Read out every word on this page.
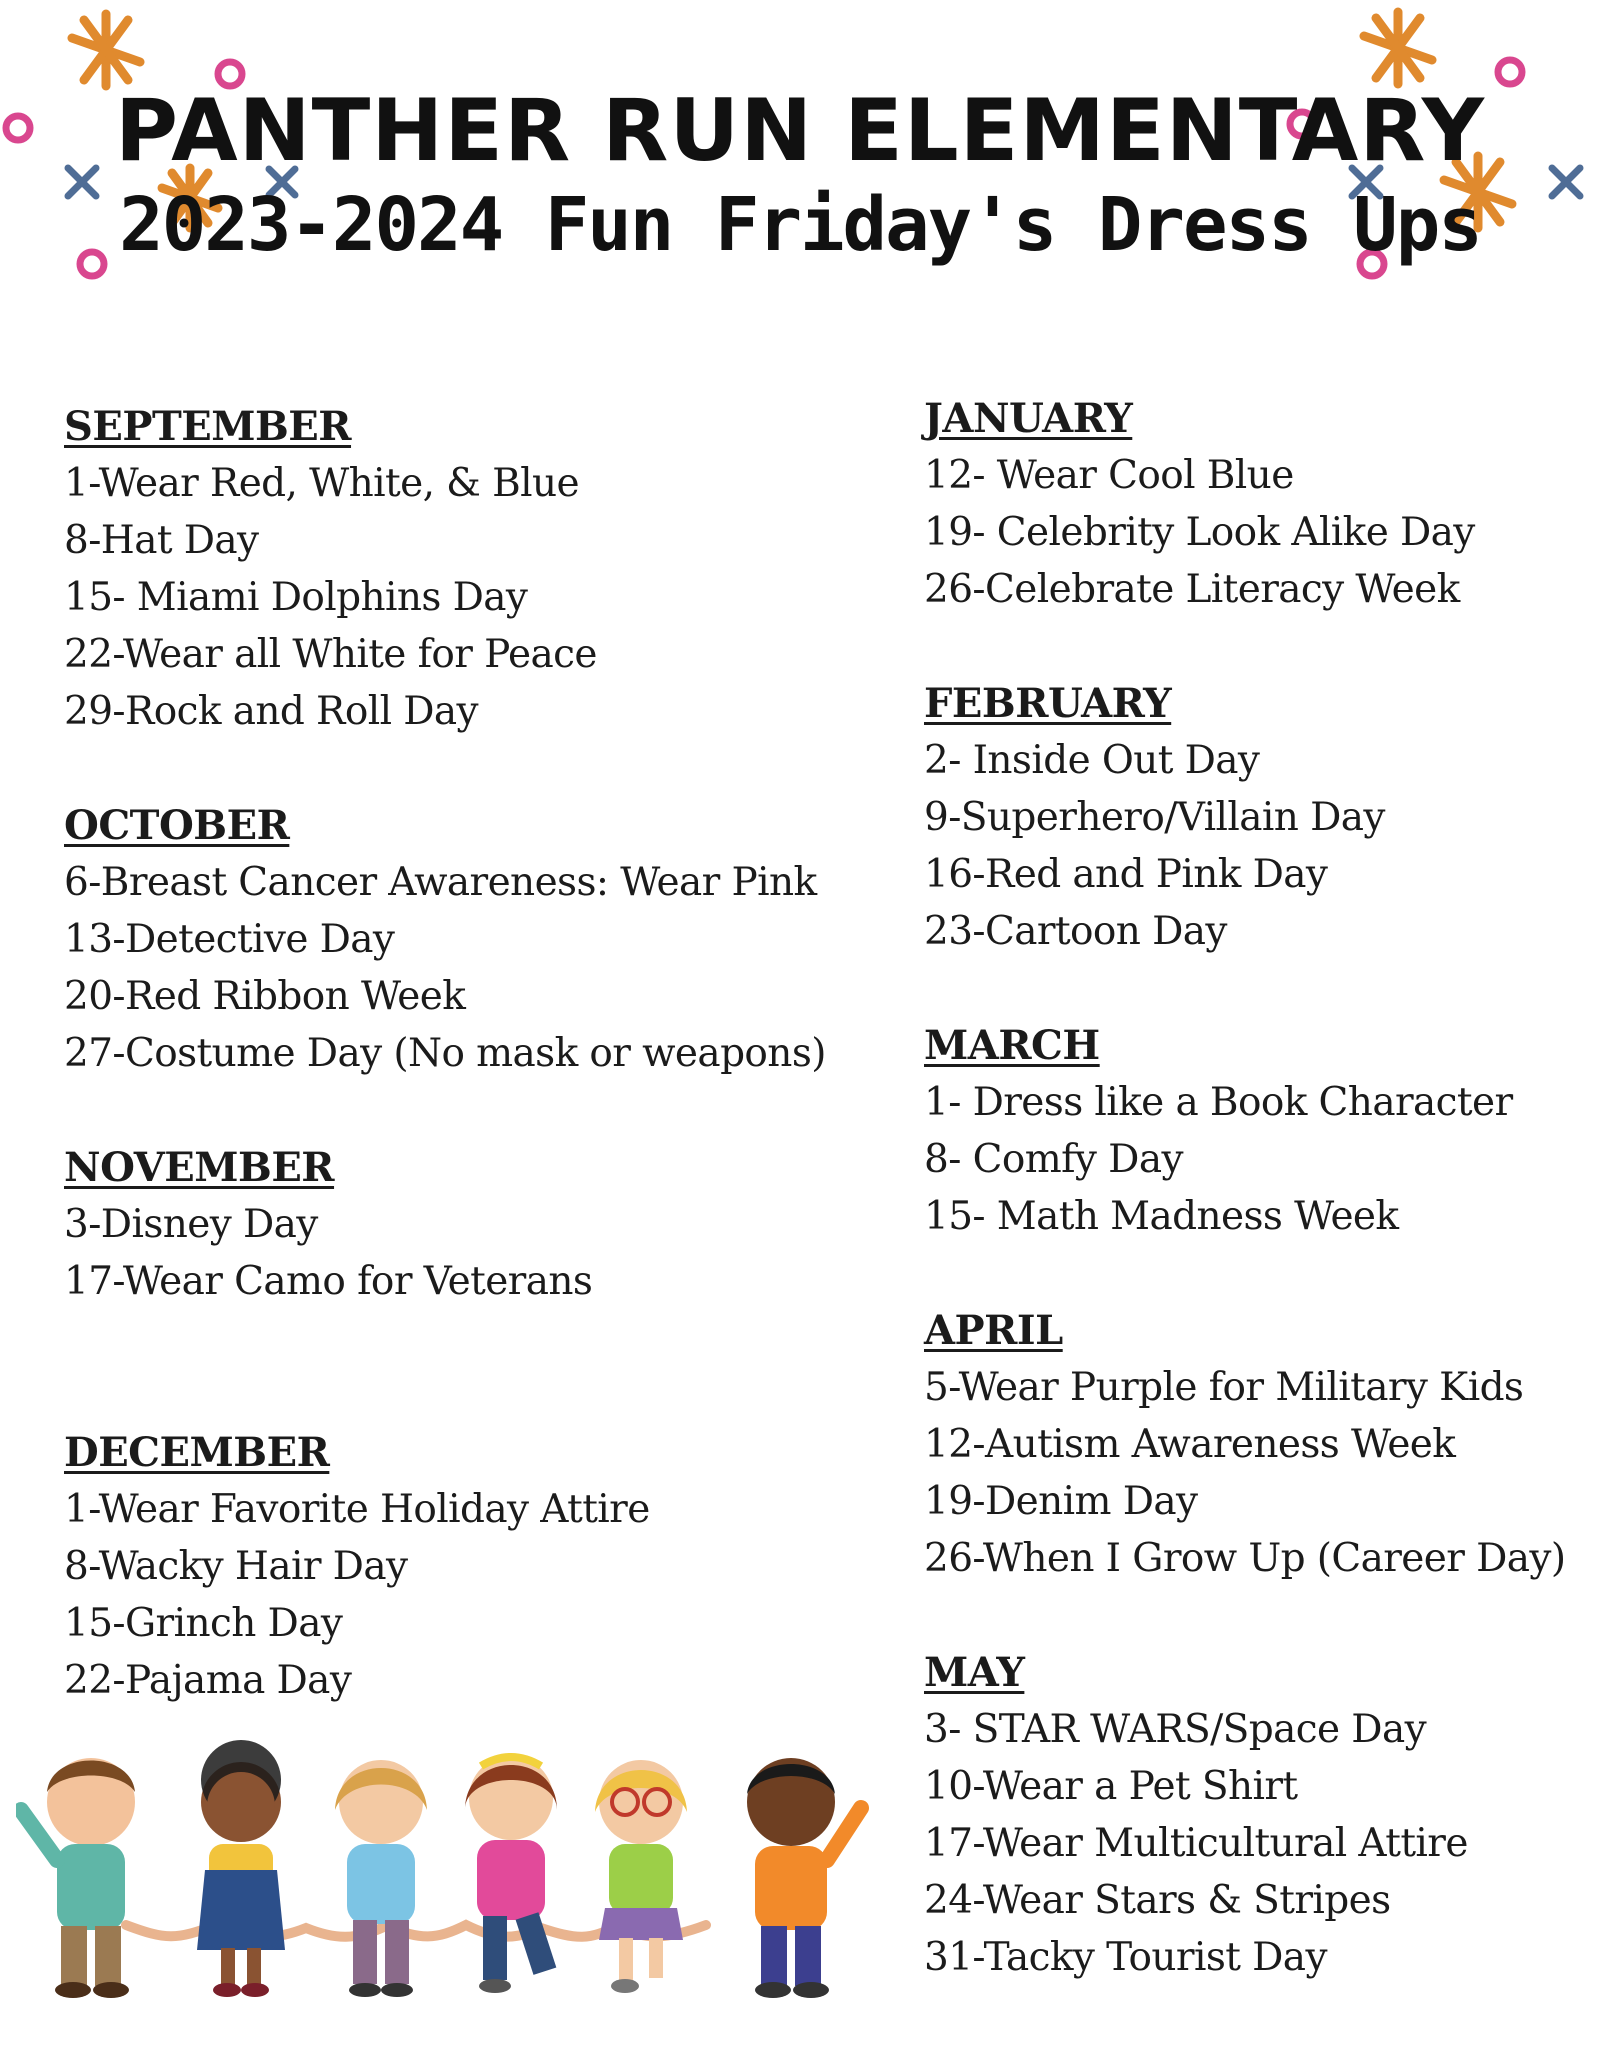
PANTHER RUN ELEMENTARY
2023-2024 Fun Friday's Dress Ups
SEPTEMBER
1-Wear Red, White, & Blue
8-Hat Day
15- Miami Dolphins Day
22-Wear all White for Peace
29-Rock and Roll Day
OCTOBER
6-Breast Cancer Awareness: Wear Pink
13-Detective Day
20-Red Ribbon Week
27-Costume Day (No mask or weapons)
NOVEMBER
3-Disney Day
17-Wear Camo for Veterans
DECEMBER
1-Wear Favorite Holiday Attire
8-Wacky Hair Day
15-Grinch Day
22-Pajama Day
JANUARY
12- Wear Cool Blue
19- Celebrity Look Alike Day
26-Celebrate Literacy Week
FEBRUARY
2- Inside Out Day
9-Superhero/Villain Day
16-Red and Pink Day
23-Cartoon Day
MARCH
1- Dress like a Book Character
8- Comfy Day
15- Math Madness Week
APRIL
5-Wear Purple for Military Kids
12-Autism Awareness Week
19-Denim Day
26-When I Grow Up (Career Day)
MAY
3- STAR WARS/Space Day
10-Wear a Pet Shirt
17-Wear Multicultural Attire
24-Wear Stars & Stripes
31-Tacky Tourist Day
